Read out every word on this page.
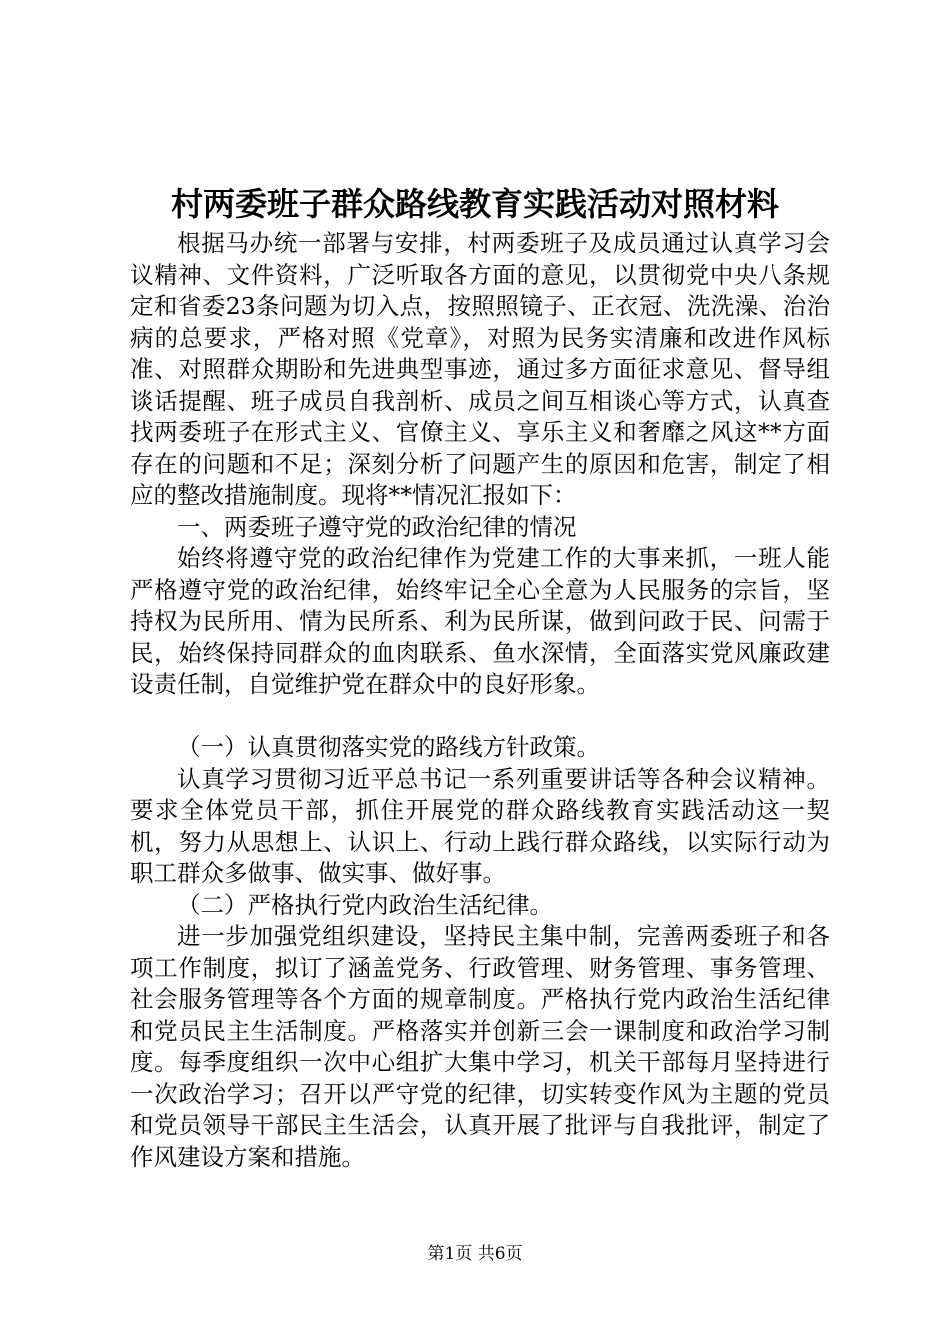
村两委班子群众路线教育实践活动对照材料

根据马办统一部署与安排，村两委班子及成员通过认真学习会议精神、文件资料，广泛听取各方面的意见，以贯彻党中央八条规定和省委23条问题为切入点，按照照镜子、正衣冠、洗洗澡、治治病的总要求，严格对照《党章》，对照为民务实清廉和改进作风标准、对照群众期盼和先进典型事迹，通过多方面征求意见、督导组谈话提醒、班子成员自我剖析、成员之间互相谈心等方式，认真查找两委班子在形式主义、官僚主义、享乐主义和奢靡之风这**方面存在的问题和不足；深刻分析了问题产生的原因和危害，制定了相应的整改措施制度。现将**情况汇报如下：

一、两委班子遵守党的政治纪律的情况

始终将遵守党的政治纪律作为党建工作的大事来抓，一班人能严格遵守党的政治纪律，始终牢记全心全意为人民服务的宗旨，坚持权为民所用、情为民所系、利为民所谋，做到问政于民、问需于民，始终保持同群众的血肉联系、鱼水深情，全面落实党风廉政建设责任制，自觉维护党在群众中的良好形象。

（一）认真贯彻落实党的路线方针政策。

认真学习贯彻习近平总书记一系列重要讲话等各种会议精神。要求全体党员干部，抓住开展党的群众路线教育实践活动这一契机，努力从思想上、认识上、行动上践行群众路线，以实际行动为职工群众多做事、做实事、做好事。

（二）严格执行党内政治生活纪律。

进一步加强党组织建设，坚持民主集中制，完善两委班子和各项工作制度，拟订了涵盖党务、行政管理、财务管理、事务管理、社会服务管理等各个方面的规章制度。严格执行党内政治生活纪律和党员民主生活制度。严格落实并创新三会一课制度和政治学习制度。每季度组织一次中心组扩大集中学习，机关干部每月坚持进行一次政治学习；召开以严守党的纪律，切实转变作风为主题的党员和党员领导干部民主生活会，认真开展了批评与自我批评，制定了作风建设方案和措施。

第1页 共6页
